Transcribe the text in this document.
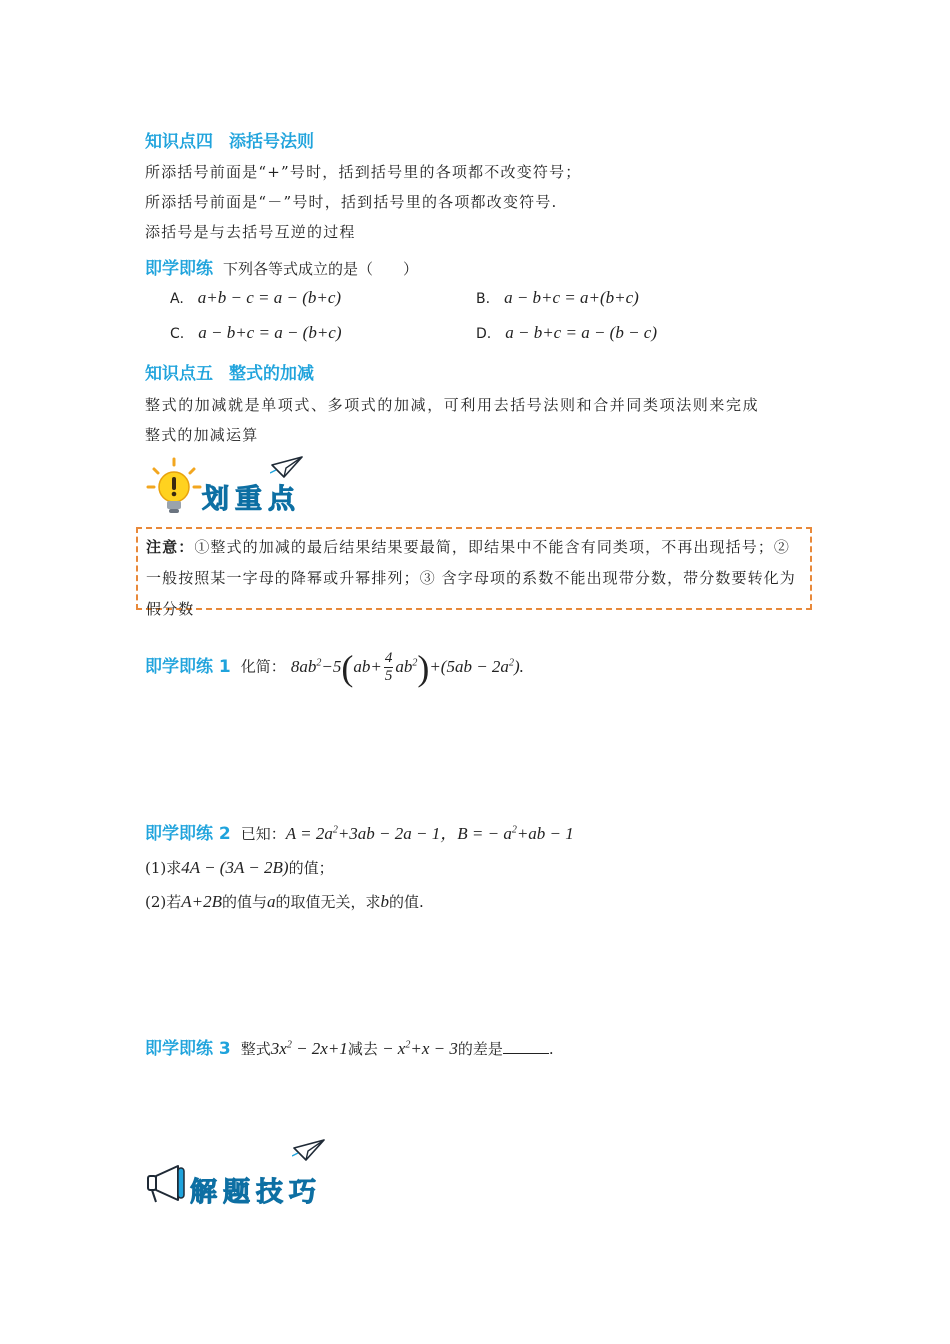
知识点四 添括号法则
所添括号前面是“+”号时，括到括号里的各项都不改变符号；
所添括号前面是“－”号时，括到括号里的各项都改变符号.
添括号是与去括号互逆的过程
即学即练 下列各等式成立的是（　　）
A. a+b − c = a − (b+c)	B. a − b+c = a+(b+c)
C. a − b+c = a − (b+c)	D. a − b+c = a − (b − c)
知识点五 整式的加减
整式的加减就是单项式、多项式的加减，可利用去括号法则和合并同类项法则来完成
整式的加减运算
划重点
注意：①整式的加减的最后结果结果要最简，即结果中不能含有同类项，不再出现括号；② 一般按照某一字母的降幂或升幂排列；③ 含字母项的系数不能出现带分数，带分数要转化为假分数
即学即练 1 化简： $8ab^2-5(ab+ \frac{4}{5} ab^2)+(5ab - 2a^2)$.
即学即练 2 已知：$A = 2a^2+3ab - 2a - 1$，B = − $a^2+ab - 1$
(1)求4A − (3A − 2B)的值；
(2)若A+2B的值与a的取值无关，求b的值.
即学即练 3 整式$3x^2 - 2x+1$减去 − $x^2+x - 3$的差是	.
解题技巧
